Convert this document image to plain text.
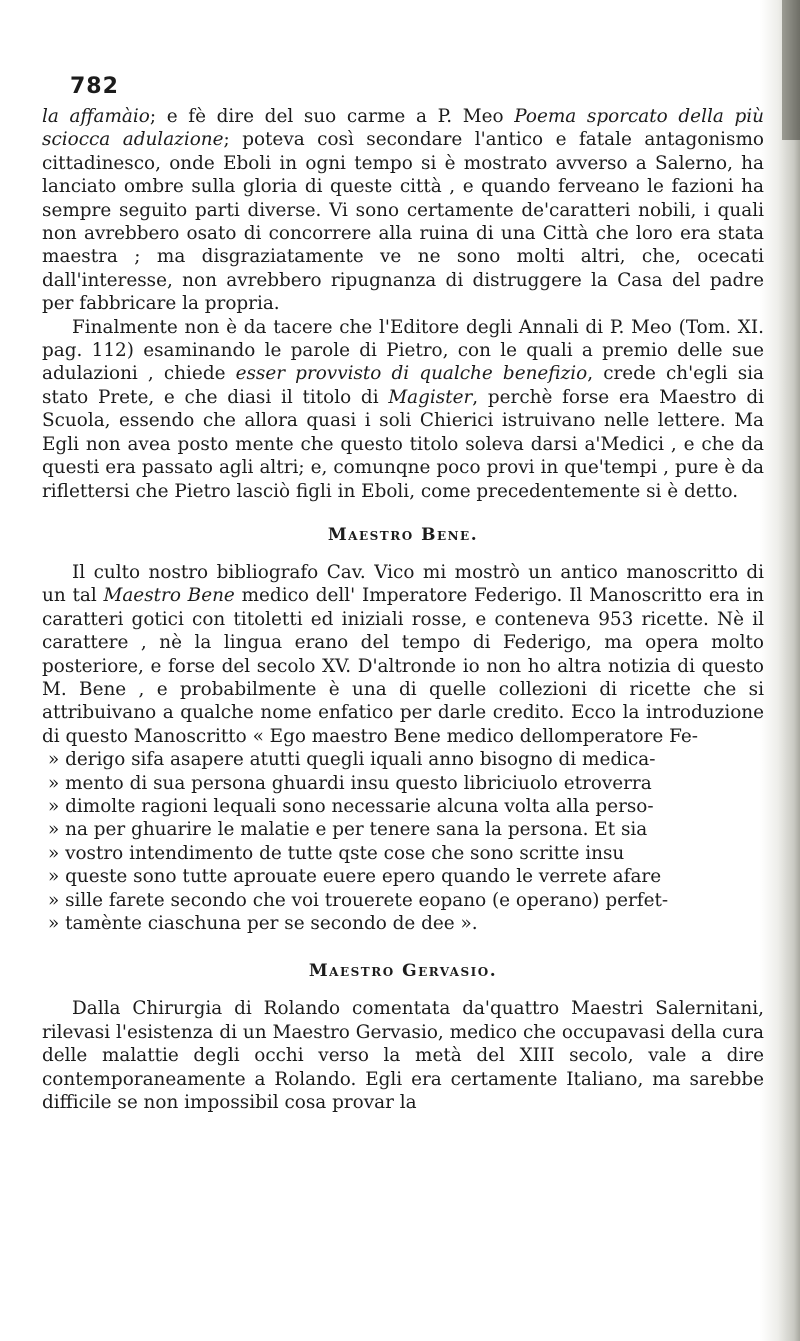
782

la affamàio; e fè dire del suo carme a P. Meo Poema sporcato della più sciocca adulazione; poteva così secondare l'antico e fatale antagonismo cittadinesco, onde Eboli in ogni tempo si è mostrato avverso a Salerno, ha lanciato ombre sulla gloria di queste città , e quando ferveano le fazioni ha sempre seguito parti diverse. Vi sono certamente de'caratteri nobili, i quali non avrebbero osato di concorrere alla ruina di una Città che loro era stata maestra ; ma disgraziatamente ve ne sono molti altri, che, ocecati dall'interesse, non avrebbero ripugnanza di distruggere la Casa del padre per fabbricare la propria.

Finalmente non è da tacere che l'Editore degli Annali di P. Meo (Tom. XI. pag. 112) esaminando le parole di Pietro, con le quali a premio delle sue adulazioni , chiede esser provvisto di qualche benefizio, crede ch'egli sia stato Prete, e che diasi il titolo di Magister, perchè forse era Maestro di Scuola, essendo che allora quasi i soli Chierici istruivano nelle lettere. Ma Egli non avea posto mente che questo titolo soleva darsi a'Medici , e che da questi era passato agli altri; e, comunqne poco provi in que'tempi , pure è da riflettersi che Pietro lasciò figli in Eboli, come precedentemente si è detto.

Maestro Bene.

Il culto nostro bibliografo Cav. Vico mi mostrò un antico manoscritto di un tal Maestro Bene medico dell' Imperatore Federigo. Il Manoscritto era in caratteri gotici con titoletti ed iniziali rosse, e conteneva 953 ricette. Nè il carattere , nè la lingua erano del tempo di Federigo, ma opera molto posteriore, e forse del secolo XV. D'altronde io non ho altra notizia di questo M. Bene , e probabilmente è una di quelle collezioni di ricette che si attribuivano a qualche nome enfatico per darle credito. Ecco la introduzione di questo Manoscritto « Ego maestro Bene medico dellomperatore Fe-

» derigo sifa asapere atutti quegli iquali anno bisogno di medica-
» mento di sua persona ghuardi insu questo libriciuolo etroverra
» dimolte ragioni lequali sono necessarie alcuna volta alla perso-
» na per ghuarire le malatie e per tenere sana la persona. Et sia
» vostro intendimento de tutte qste cose che sono scritte insu
» queste sono tutte aprouate euere epero quando le verrete afare
» sille farete secondo che voi trouerete eopano (e operano) perfet-
» tamènte ciaschuna per se secondo de dee ».
Maestro Gervasio.

Dalla Chirurgia di Rolando comentata da'quattro Maestri Salernitani, rilevasi l'esistenza di un Maestro Gervasio, medico che occupavasi della cura delle malattie degli occhi verso la metà del XIII secolo, vale a dire contemporaneamente a Rolando. Egli era certamente Italiano, ma sarebbe difficile se non impossibil cosa provar la
